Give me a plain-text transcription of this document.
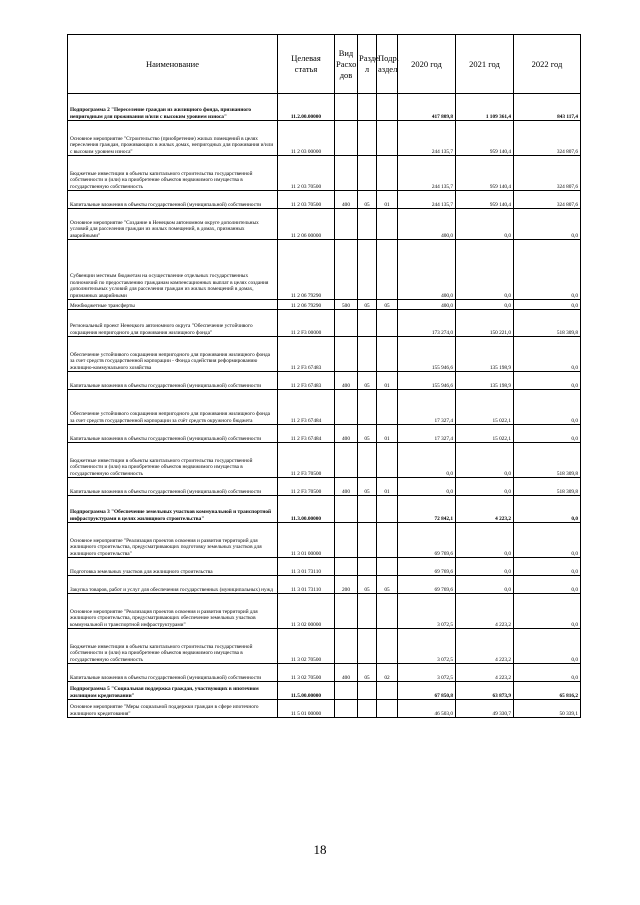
Наименование	Целевая статья	Вид Расхо дов	Разде л	Подр. аздел	2020 год	2021 год	2022 год
Подпрограмма 2 "Переселение граждан из жилищного фонда, признанного непригодным для проживания и/или с высоким уровнем износа"	11.2.00.00000				417 809,8	1 109 361,4	843 117,4
Основное мероприятие "Строительство (приобретение) жилых помещений в целях переселения граждан, проживающих в жилых домах, непригодных для проживания и/или с высоким уровнем износа"	11 2 03 00000				244 135,7	959 140,4	324 807,6
Бюджетные инвестиции в объекты капитального строительства государственной собственности и (или) на приобретение объектов недвижимого имущества в государственную собственность	11 2 03 70500				244 135,7	959 140,4	324 807,6
Капитальные вложения в объекты государственной (муниципальной) собственности	11 2 03 70500	400	05	01	244 135,7	959 140,4	324 807,6
Основное мероприятие "Создание в Ненецком автономном округе дополнительных условий для расселения граждан из жилых помещений, в домах, признанных аварийными"	11 2 06 00000				400,0	0,0	0,0
Субвенции местным бюджетам на осуществление отдельных государственных полномочий по предоставлению гражданам компенсационных выплат в целях создания дополнительных условий для расселения граждан из жилых помещений в домах, признанных аварийными	11 2 06 79290				400,0	0,0	0,0
Межбюджетные трансферты	11 2 06 79290	500	05	05	400,0	0,0	0,0
Региональный проект Ненецкого автономного округа "Обеспечение устойчивого сокращения непригодного для проживания жилищного фонда"	11 2 F3 00000				173 274,0	150 221,0	518 309,8
Обеспечение устойчивого сокращения непригодного для проживания жилищного фонда за счет средств государственной корпорации - Фонда содействия реформированию жилищно-коммунального хозяйства	11 2 F3 67483				155 946,6	135 198,9	0,0
Капитальные вложения в объекты государственной (муниципальной) собственности	11 2 F3 67483	400	05	01	155 946,6	135 198,9	0,0
Обеспечение устойчивого сокращения непригодного для проживания жилищного фонда за счет средств государственной корпорации за счёт средств окружного бюджета	11 2 F3 67484				17 327,4	15 022,1	0,0
Капитальные вложения в объекты государственной (муниципальной) собственности	11 2 F3 67484	400	05	01	17 327,4	15 022,1	0,0
Бюджетные инвестиции в объекты капитального строительства государственной собственности и (или) на приобретение объектов недвижимого имущества в государственную собственность	11 2 F3 70500				0,0	0,0	518 309,8
Капитальные вложения в объекты государственной (муниципальной) собственности	11 2 F3 70500	400	05	01	0,0	0,0	518 309,8
Подпрограмма 3 "Обеспечение земельных участков коммунальной и транспортной инфраструктурами в целях жилищного строительства"	11.3.00.00000				72 842,1	4 223,2	0,0
Основное мероприятие "Реализация проектов освоения и развития территорий для жилищного строительства, предусматривающих подготовку земельных участков для жилищного строительства"	11 3 01 00000				69 769,6	0,0	0,0
Подготовка земельных участков для жилищного строительства	11 3 01 73110				69 769,6	0,0	0,0
Закупка товаров, работ и услуг для обеспечения государственных (муниципальных) нужд	11 3 01 73110	200	05	05	69 769,6	0,0	0,0
Основное мероприятие "Реализация проектов освоения и развития территорий для жилищного строительства, предусматривающих обеспечение земельных участков коммунальной и транспортной инфраструктурами"	11 3 02 00000				3 072,5	4 223,2	0,0
Бюджетные инвестиции в объекты капитального строительства государственной собственности и (или) на приобретение объектов недвижимого имущества в государственную собственность	11 3 02 70500				3 072,5	4 223,2	0,0
Капитальные вложения в объекты государственной (муниципальной) собственности	11 3 02 70500	400	05	02	3 072,5	4 223,2	0,0
Подпрограмма 5 "Социальная поддержка граждан, участвующих в ипотечном жилищном кредитовании"	11.5.00.00000				67 850,8	63 873,9	65 816,2
Основное мероприятие "Меры социальной поддержки граждан в сфере ипотечного жилищного кредитования"	11 5 01 00000				46 503,0	49 330,7	50 339,1
18
